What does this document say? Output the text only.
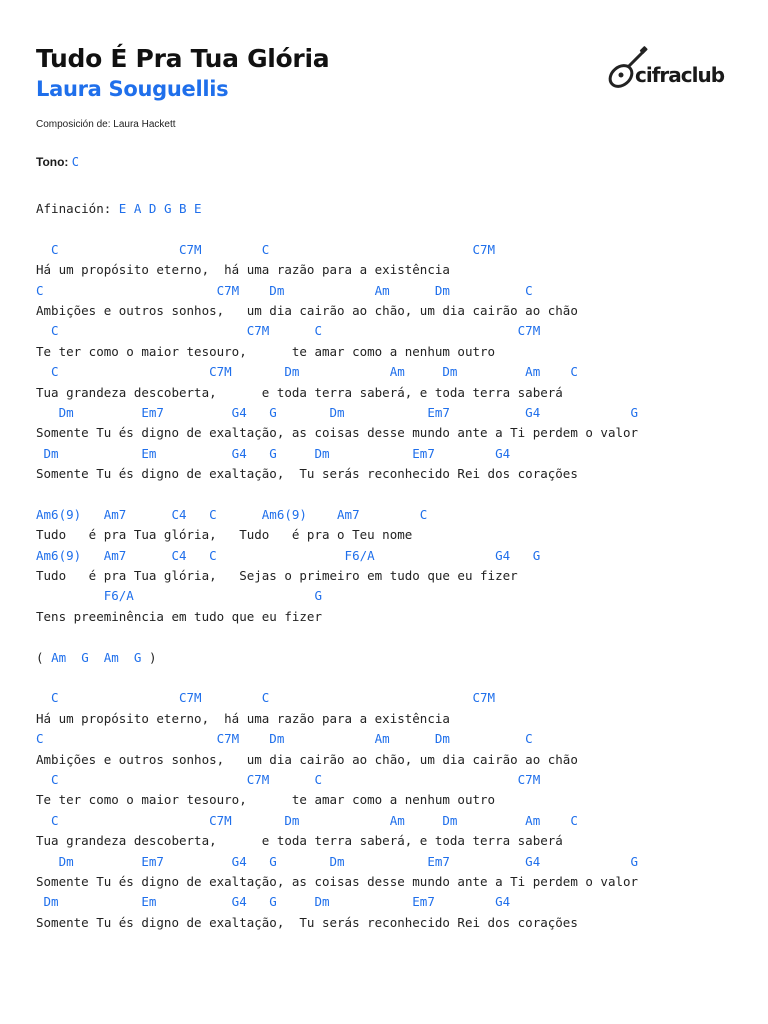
Tudo É Pra Tua Glória
Laura Souguellis
Composición de: Laura Hackett
cifraclub
Tono: C
Afinación: E A D G B E

C                C7M        C                           C7M
Há um propósito eterno,  há uma razão para a existência
C                       C7M    Dm            Am      Dm          C
Ambições e outros sonhos,   um dia cairão ao chão, um dia cairão ao chão
C                         C7M      C                          C7M
Te ter como o maior tesouro,      te amar como a nenhum outro
C                    C7M       Dm            Am     Dm         Am    C
Tua grandeza descoberta,      e toda terra saberá, e toda terra saberá
Dm         Em7         G4   G       Dm           Em7          G4            G
Somente Tu és digno de exaltação, as coisas desse mundo ante a Ti perdem o valor
Dm           Em          G4   G     Dm           Em7        G4
Somente Tu és digno de exaltação,  Tu serás reconhecido Rei dos corações

Am6(9)   Am7      C4   C      Am6(9)    Am7        C
Tudo   é pra Tua glória,   Tudo   é pra o Teu nome
Am6(9)   Am7      C4   C                 F6/A                G4   G
Tudo   é pra Tua glória,   Sejas o primeiro em tudo que eu fizer
F6/A                        G
Tens preeminência em tudo que eu fizer

( Am G Am G )

C                C7M        C                           C7M
Há um propósito eterno,  há uma razão para a existência
C                       C7M    Dm            Am      Dm          C
Ambições e outros sonhos,   um dia cairão ao chão, um dia cairão ao chão
C                         C7M      C                          C7M
Te ter como o maior tesouro,      te amar como a nenhum outro
C                    C7M       Dm            Am     Dm         Am    C
Tua grandeza descoberta,      e toda terra saberá, e toda terra saberá
Dm         Em7         G4   G       Dm           Em7          G4            G
Somente Tu és digno de exaltação, as coisas desse mundo ante a Ti perdem o valor
Dm           Em          G4   G     Dm           Em7        G4
Somente Tu és digno de exaltação,  Tu serás reconhecido Rei dos corações
